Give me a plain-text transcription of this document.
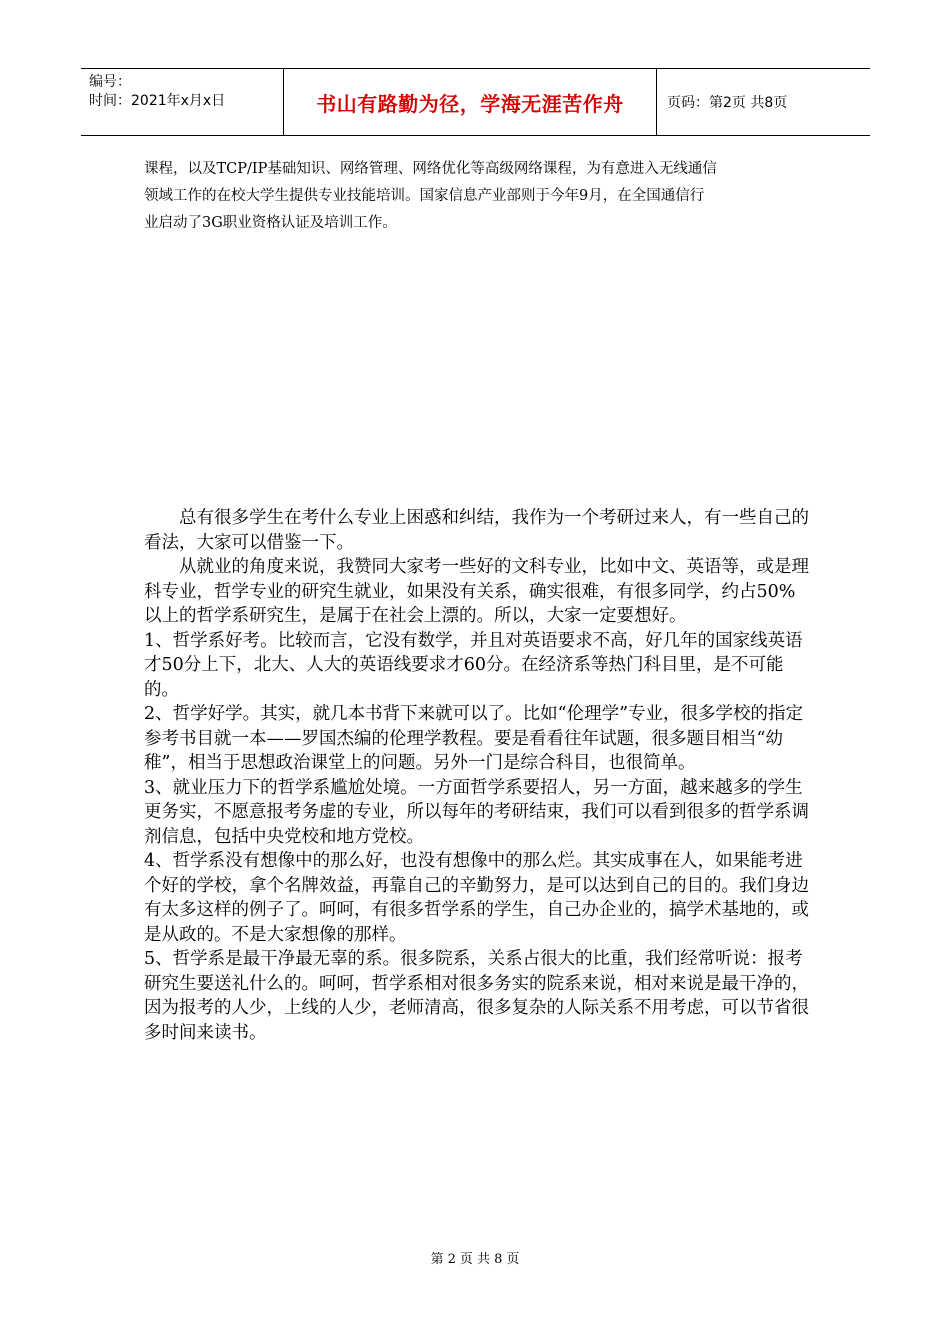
编号：
时间：2021年x月x日	书山有路勤为径，学海无涯苦作舟	页码：第2页 共8页

课程，以及TCP/IP基础知识、网络管理、网络优化等高级网络课程，为有意进入无线通信

领域工作的在校大学生提供专业技能培训。国家信息产业部则于今年9月，在全国通信行

业启动了3G职业资格认证及培训工作。

总有很多学生在考什么专业上困惑和纠结，我作为一个考研过来人，有一些自己的看法，大家可以借鉴一下。

从就业的角度来说，我赞同大家考一些好的文科专业，比如中文、英语等，或是理科专业，哲学专业的研究生就业，如果没有关系，确实很难，有很多同学，约占50%以上的哲学系研究生，是属于在社会上漂的。所以，大家一定要想好。

1、哲学系好考。比较而言，它没有数学，并且对英语要求不高，好几年的国家线英语才50分上下，北大、人大的英语线要求才60分。在经济系等热门科目里，是不可能的。

2、哲学好学。其实，就几本书背下来就可以了。比如“伦理学”专业，很多学校的指定参考书目就一本——罗国杰编的伦理学教程。要是看看往年试题，很多题目相当“幼稚”，相当于思想政治课堂上的问题。另外一门是综合科目，也很简单。

3、就业压力下的哲学系尴尬处境。一方面哲学系要招人，另一方面，越来越多的学生更务实，不愿意报考务虚的专业，所以每年的考研结束，我们可以看到很多的哲学系调剂信息，包括中央党校和地方党校。

4、哲学系没有想像中的那么好，也没有想像中的那么烂。其实成事在人，如果能考进个好的学校，拿个名牌效益，再靠自己的辛勤努力，是可以达到自己的目的。我们身边有太多这样的例子了。呵呵，有很多哲学系的学生，自己办企业的，搞学术基地的，或是从政的。不是大家想像的那样。

5、哲学系是最干净最无辜的系。很多院系，关系占很大的比重，我们经常听说：报考研究生要送礼什么的。呵呵，哲学系相对很多务实的院系来说，相对来说是最干净的，因为报考的人少，上线的人少，老师清高，很多复杂的人际关系不用考虑，可以节省很多时间来读书。

第 2 页 共 8 页
